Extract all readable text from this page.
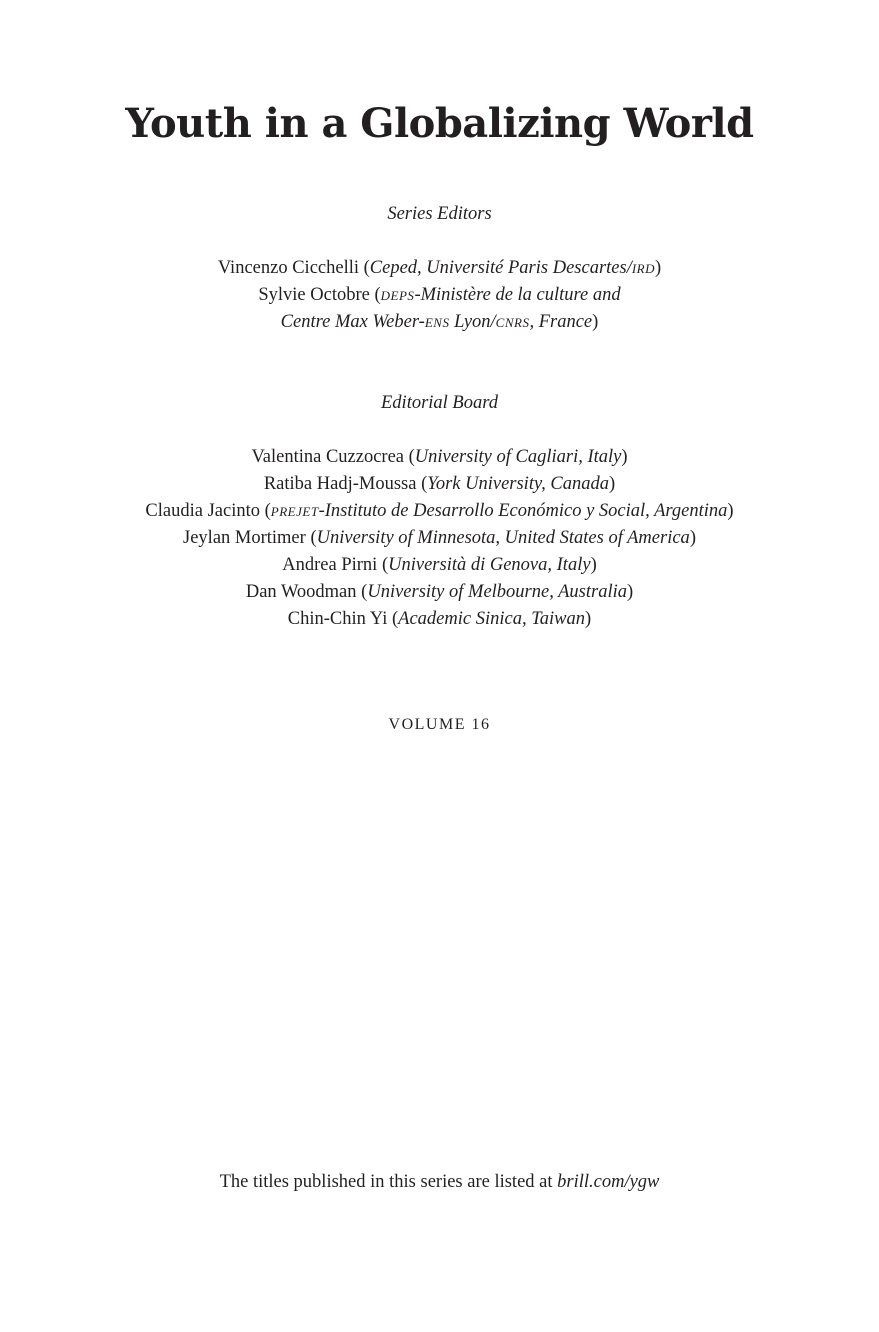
Youth in a Globalizing World
Series Editors
Vincenzo Cicchelli (Ceped, Université Paris Descartes/ird)
Sylvie Octobre (deps-Ministère de la culture and
Centre Max Weber-ens Lyon/cnrs, France)
Editorial Board
Valentina Cuzzocrea (University of Cagliari, Italy)
Ratiba Hadj-Moussa (York University, Canada)
Claudia Jacinto (prejet-Instituto de Desarrollo Económico y Social, Argentina)
Jeylan Mortimer (University of Minnesota, United States of America)
Andrea Pirni (Università di Genova, Italy)
Dan Woodman (University of Melbourne, Australia)
Chin-Chin Yi (Academic Sinica, Taiwan)
VOLUME 16
The titles published in this series are listed at brill.com/ygw
